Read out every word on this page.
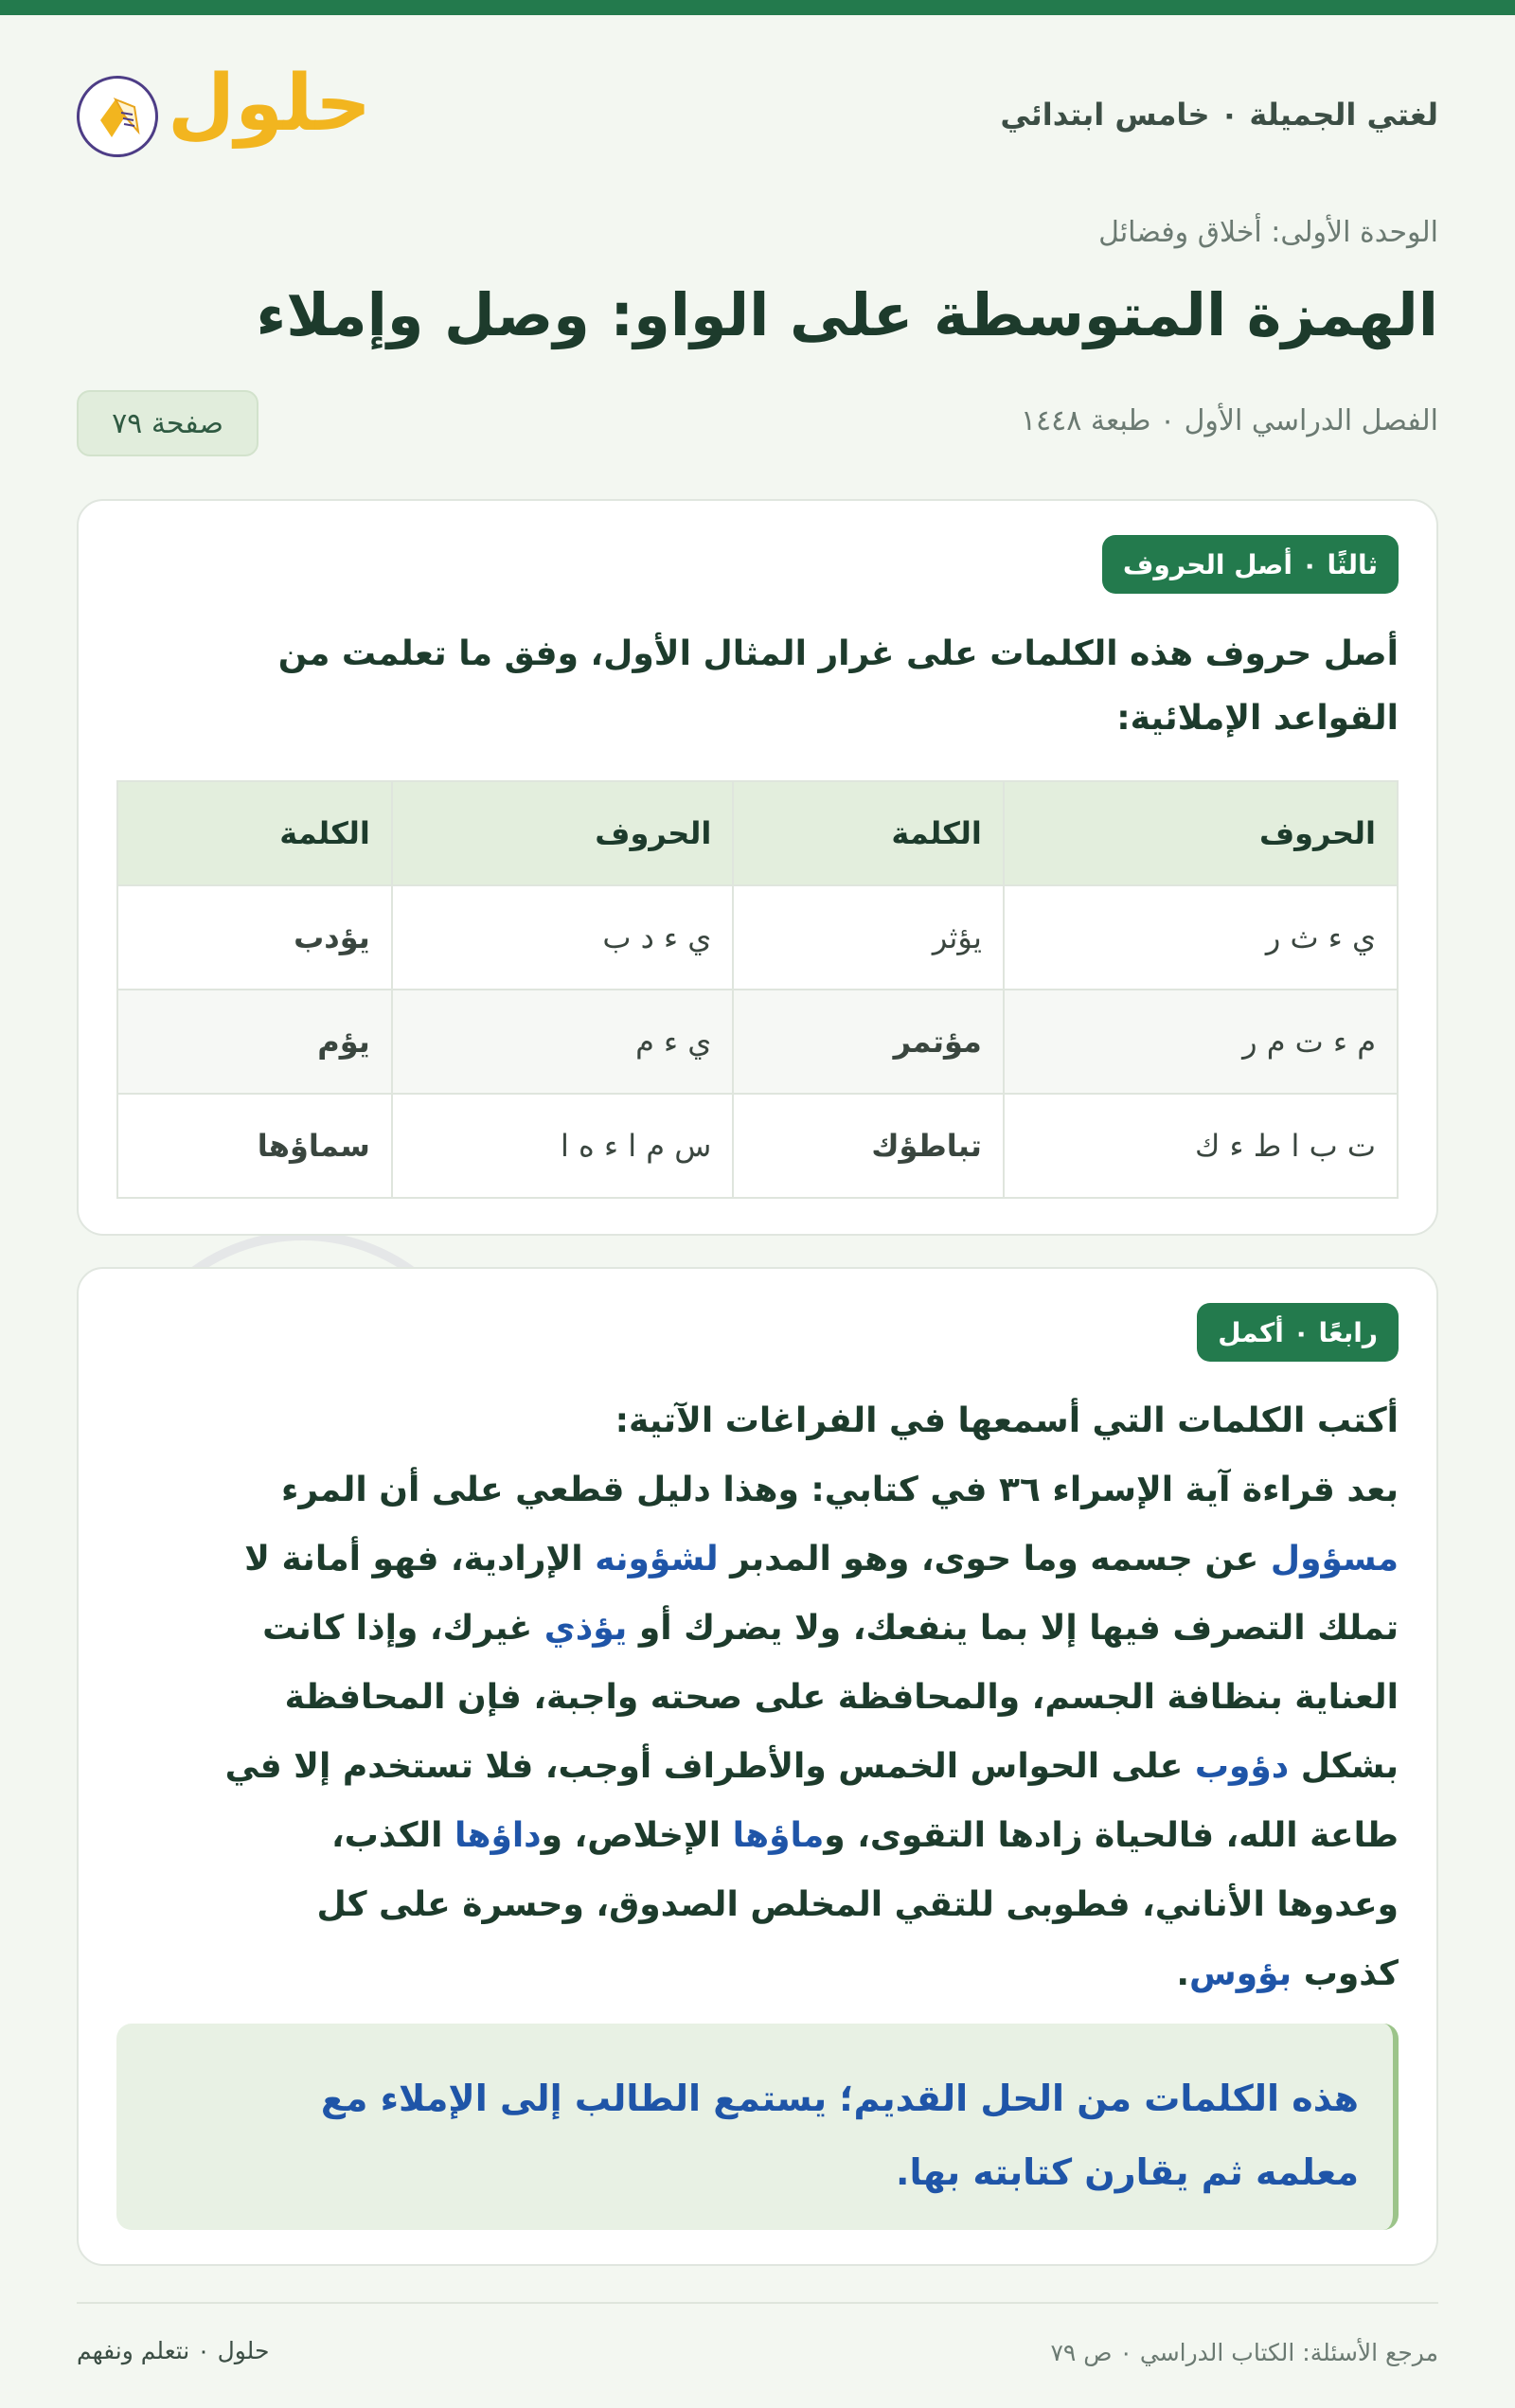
لغتي الجميلة ٠ خامس ابتدائي
حلول
الوحدة الأولى: أخلاق وفضائل
الهمزة المتوسطة على الواو: وصل وإملاء
الفصل الدراسي الأول ٠ طبعة ١٤٤٨
صفحة ٧٩
ثالثًا ٠ أصل الحروف
أصل حروف هذه الكلمات على غرار المثال الأول، وفق ما تعلمت من
القواعد الإملائية:
الحروف	الكلمة	الحروف	الكلمة
ي ء ث ر	يؤثر	ي ء د ب	يؤدب
م ء ت م ر	مؤتمر	ي ء م	يؤم
ت ب ا ط ء ك	تباطؤك	س م ا ء ه ا	سماؤها
رابعًا ٠ أكمل
أكتب الكلمات التي أسمعها في الفراغات الآتية:
بعد قراءة آية الإسراء ٣٦ في كتابي: وهذا دليل قطعي على أن المرء
مسؤول عن جسمه وما حوى، وهو المدبر لشؤونه الإرادية، فهو أمانة لا
تملك التصرف فيها إلا بما ينفعك، ولا يضرك أو يؤذي غيرك، وإذا كانت
العناية بنظافة الجسم، والمحافظة على صحته واجبة، فإن المحافظة
بشكل دؤوب على الحواس الخمس والأطراف أوجب، فلا تستخدم إلا في
طاعة الله، فالحياة زادها التقوى، وماؤها الإخلاص، وداؤها الكذب،
وعدوها الأناني، فطوبى للتقي المخلص الصدوق، وحسرة على كل
كذوب بؤوس.
هذه الكلمات من الحل القديم؛ يستمع الطالب إلى الإملاء مع
معلمه ثم يقارن كتابته بها.
مرجع الأسئلة: الكتاب الدراسي ٠ ص ٧٩
حلول ٠ نتعلم ونفهم
